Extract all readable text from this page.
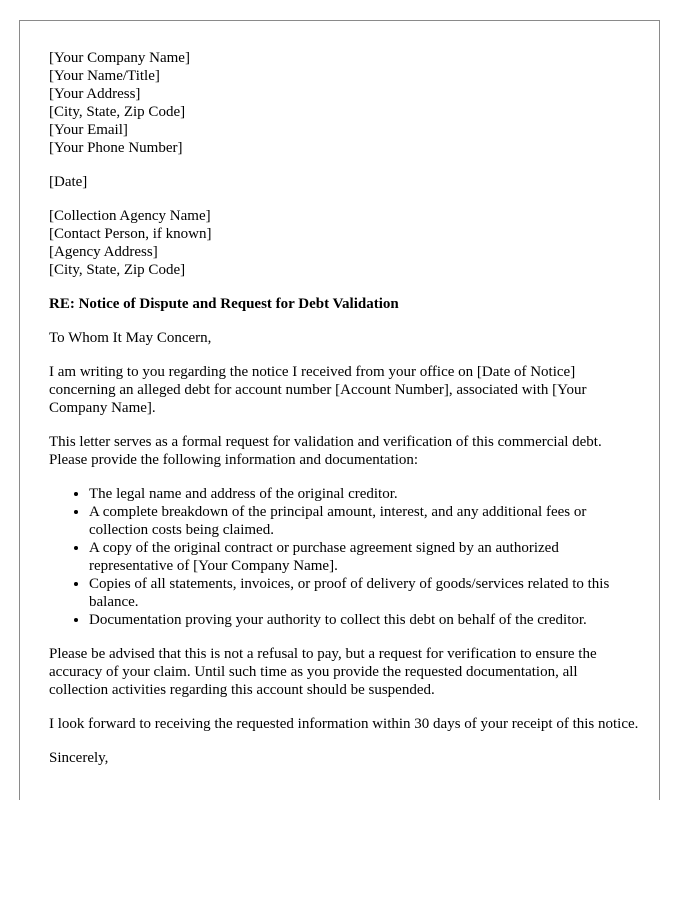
[Your Company Name]
[Your Name/Title]
[Your Address]
[City, State, Zip Code]
[Your Email]
[Your Phone Number]
[Date]
[Collection Agency Name]
[Contact Person, if known]
[Agency Address]
[City, State, Zip Code]
RE: Notice of Dispute and Request for Debt Validation

To Whom It May Concern,

I am writing to you regarding the notice I received from your office on [Date of Notice] concerning an alleged debt for account number [Account Number], associated with [Your Company Name].

This letter serves as a formal request for validation and verification of this commercial debt. Please provide the following information and documentation:

• The legal name and address of the original creditor.
• A complete breakdown of the principal amount, interest, and any additional fees or collection costs being claimed.
• A copy of the original contract or purchase agreement signed by an authorized representative of [Your Company Name].
• Copies of all statements, invoices, or proof of delivery of goods/services related to this balance.
• Documentation proving your authority to collect this debt on behalf of the creditor.

Please be advised that this is not a refusal to pay, but a request for verification to ensure the accuracy of your claim. Until such time as you provide the requested documentation, all collection activities regarding this account should be suspended.

I look forward to receiving the requested information within 30 days of your receipt of this notice.

Sincerely,
